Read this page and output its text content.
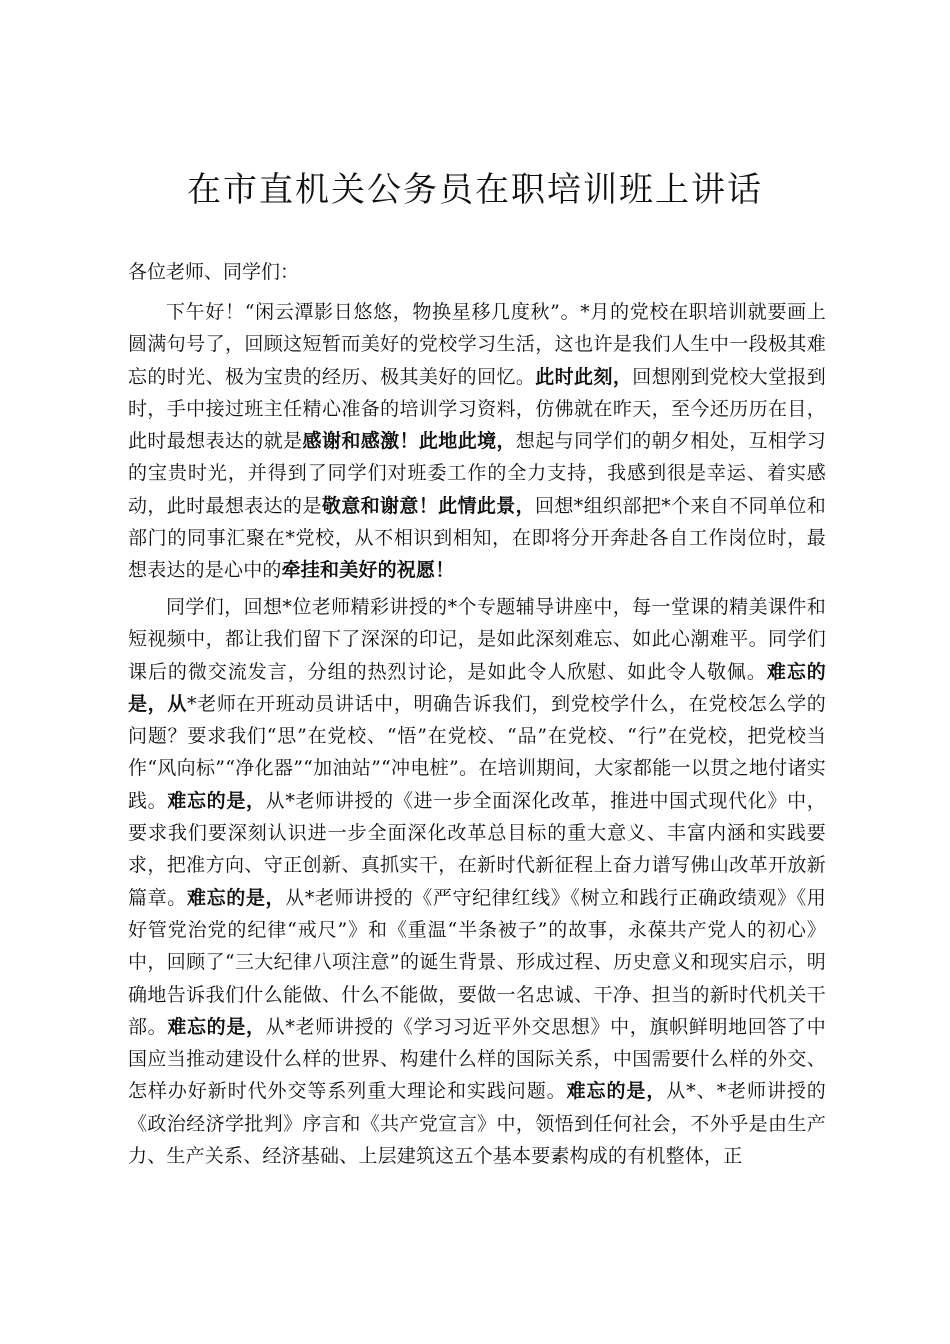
在市直机关公务员在职培训班上讲话

各位老师、同学们：

下午好！“闲云潭影日悠悠，物换星移几度秋”。*月的党校在职培训就要画上圆满句号了，回顾这短暂而美好的党校学习生活，这也许是我们人生中一段极其难忘的时光、极为宝贵的经历、极其美好的回忆。此时此刻，回想刚到党校大堂报到时，手中接过班主任精心准备的培训学习资料，仿佛就在昨天，至今还历历在目，此时最想表达的就是感谢和感激！此地此境，想起与同学们的朝夕相处，互相学习的宝贵时光，并得到了同学们对班委工作的全力支持，我感到很是幸运、着实感动，此时最想表达的是敬意和谢意！此情此景，回想*组织部把*个来自不同单位和部门的同事汇聚在*党校，从不相识到相知，在即将分开奔赴各自工作岗位时，最想表达的是心中的牵挂和美好的祝愿！

同学们，回想*位老师精彩讲授的*个专题辅导讲座中，每一堂课的精美课件和短视频中，都让我们留下了深深的印记，是如此深刻难忘、如此心潮难平。同学们课后的微交流发言，分组的热烈讨论，是如此令人欣慰、如此令人敬佩。难忘的是，从*老师在开班动员讲话中，明确告诉我们，到党校学什么，在党校怎么学的问题？要求我们“思”在党校、“悟”在党校、“品”在党校、“行”在党校，把党校当作“风向标”“净化器”“加油站”“冲电桩”。在培训期间，大家都能一以贯之地付诸实践。难忘的是，从*老师讲授的《进一步全面深化改革，推进中国式现代化》中，要求我们要深刻认识进一步全面深化改革总目标的重大意义、丰富内涵和实践要求，把准方向、守正创新、真抓实干，在新时代新征程上奋力谱写佛山改革开放新篇章。难忘的是，从*老师讲授的《严守纪律红线》《树立和践行正确政绩观》《用好管党治党的纪律“戒尺”》和《重温“半条被子”的故事，永葆共产党人的初心》中，回顾了“三大纪律八项注意”的诞生背景、形成过程、历史意义和现实启示，明确地告诉我们什么能做、什么不能做，要做一名忠诚、干净、担当的新时代机关干部。难忘的是，从*老师讲授的《学习习近平外交思想》中，旗帜鲜明地回答了中国应当推动建设什么样的世界、构建什么样的国际关系，中国需要什么样的外交、怎样办好新时代外交等系列重大理论和实践问题。难忘的是，从*、*老师讲授的《政治经济学批判》序言和《共产党宣言》中，领悟到任何社会，不外乎是由生产力、生产关系、经济基础、上层建筑这五个基本要素构成的有机整体，正
